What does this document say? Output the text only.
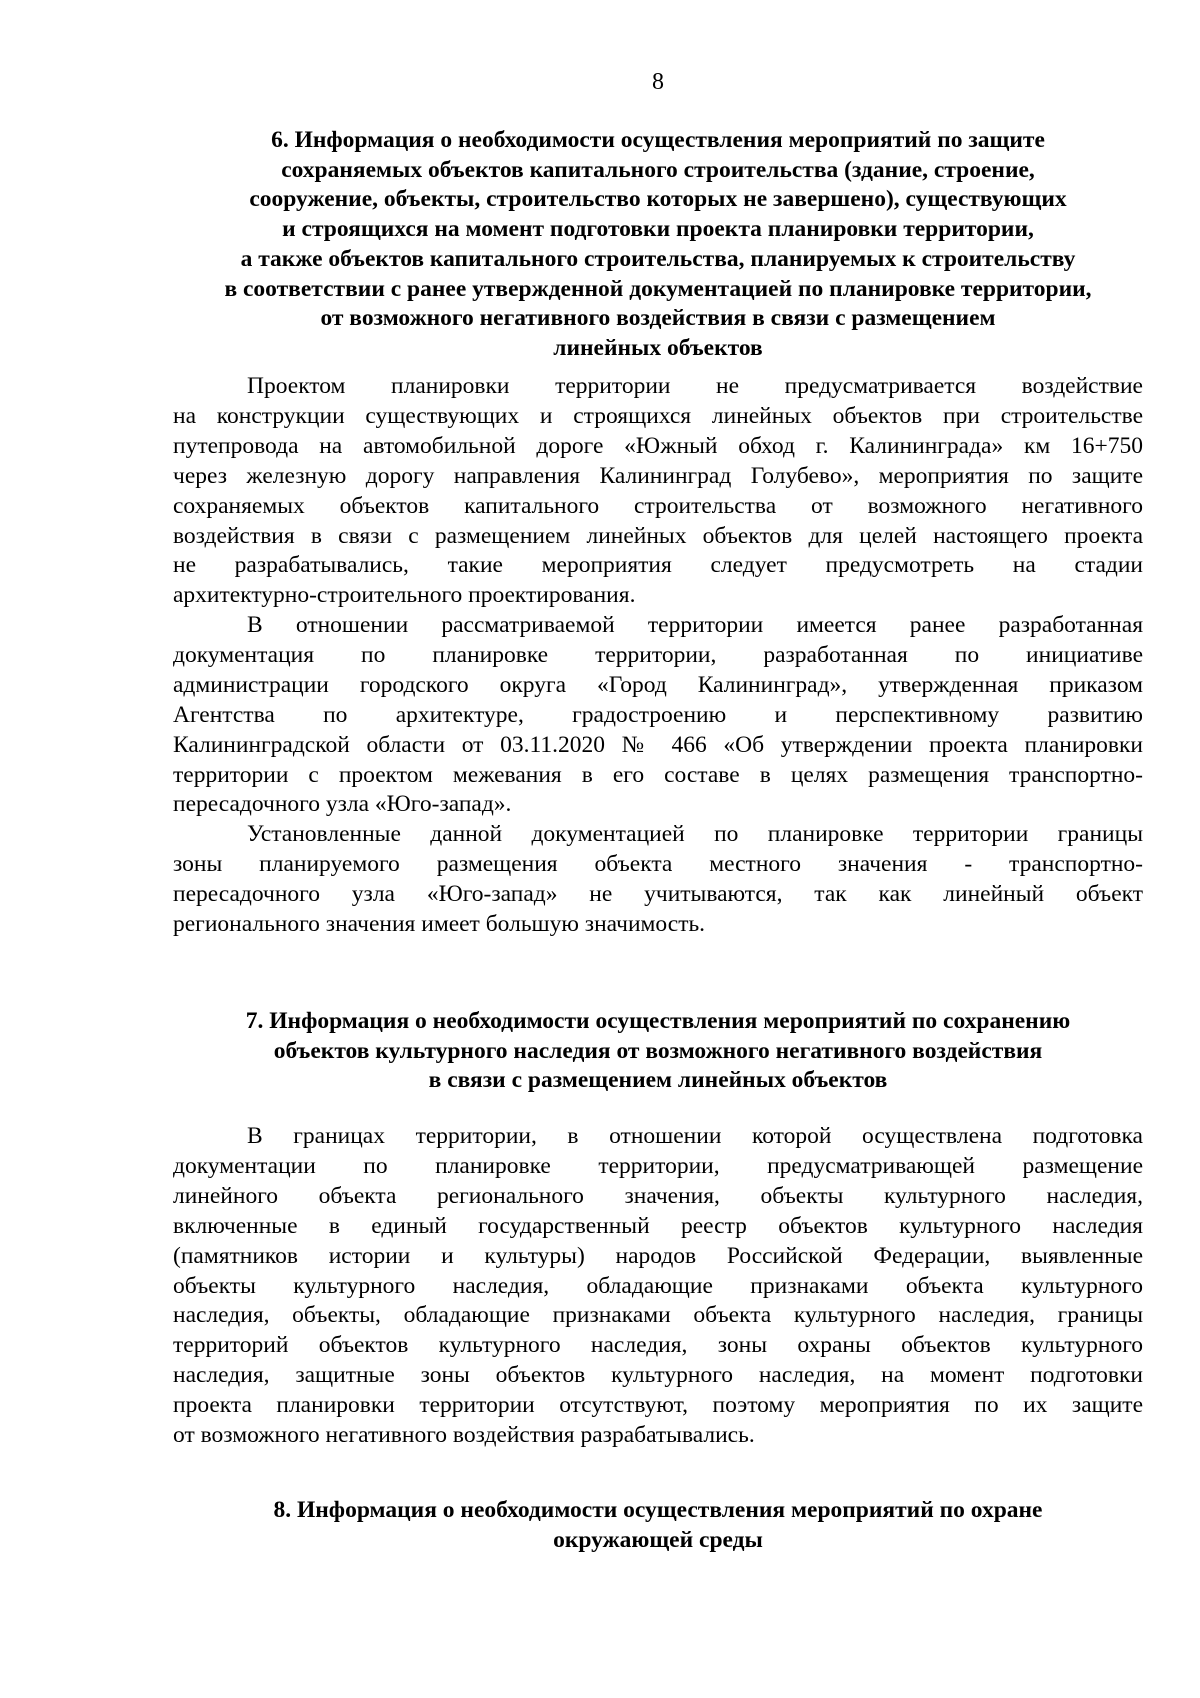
8
6. Информация о необходимости осуществления мероприятий по защите
сохраняемых объектов капитального строительства (здание, строение,
сооружение, объекты, строительство которых не завершено), существующих
и строящихся на момент подготовки проекта планировки территории,
а также объектов капитального строительства, планируемых к строительству
в соответствии с ранее утвержденной документацией по планировке территории,
от возможного негативного воздействия в связи с размещением
линейных объектов
Проектом планировки территории не предусматривается воздействие
на конструкции существующих и строящихся линейных объектов при строительстве
путепровода на автомобильной дороге «Южный обход г. Калининграда» км 16+750
через железную дорогу направления Калининград Голубево», мероприятия по защите
сохраняемых объектов капитального строительства от возможного негативного
воздействия в связи с размещением линейных объектов для целей настоящего проекта
не разрабатывались, такие мероприятия следует предусмотреть на стадии
архитектурно-строительного проектирования.
В отношении рассматриваемой территории имеется ранее разработанная
документация по планировке территории, разработанная по инициативе
администрации городского округа «Город Калининград», утвержденная приказом
Агентства по архитектуре, градостроению и перспективному развитию
Калининградской области от 03.11.2020 № 466 «Об утверждении проекта планировки
территории с проектом межевания в его составе в целях размещения транспортно-
пересадочного узла «Юго-запад».
Установленные данной документацией по планировке территории границы
зоны планируемого размещения объекта местного значения - транспортно-
пересадочного узла «Юго-запад» не учитываются, так как линейный объект
регионального значения имеет большую значимость.
7. Информация о необходимости осуществления мероприятий по сохранению
объектов культурного наследия от возможного негативного воздействия
в связи с размещением линейных объектов
В границах территории, в отношении которой осуществлена подготовка
документации по планировке территории, предусматривающей размещение
линейного объекта регионального значения, объекты культурного наследия,
включенные в единый государственный реестр объектов культурного наследия
(памятников истории и культуры) народов Российской Федерации, выявленные
объекты культурного наследия, обладающие признаками объекта культурного
наследия, объекты, обладающие признаками объекта культурного наследия, границы
территорий объектов культурного наследия, зоны охраны объектов культурного
наследия, защитные зоны объектов культурного наследия, на момент подготовки
проекта планировки территории отсутствуют, поэтому мероприятия по их защите
от возможного негативного воздействия разрабатывались.
8. Информация о необходимости осуществления мероприятий по охране
окружающей среды
